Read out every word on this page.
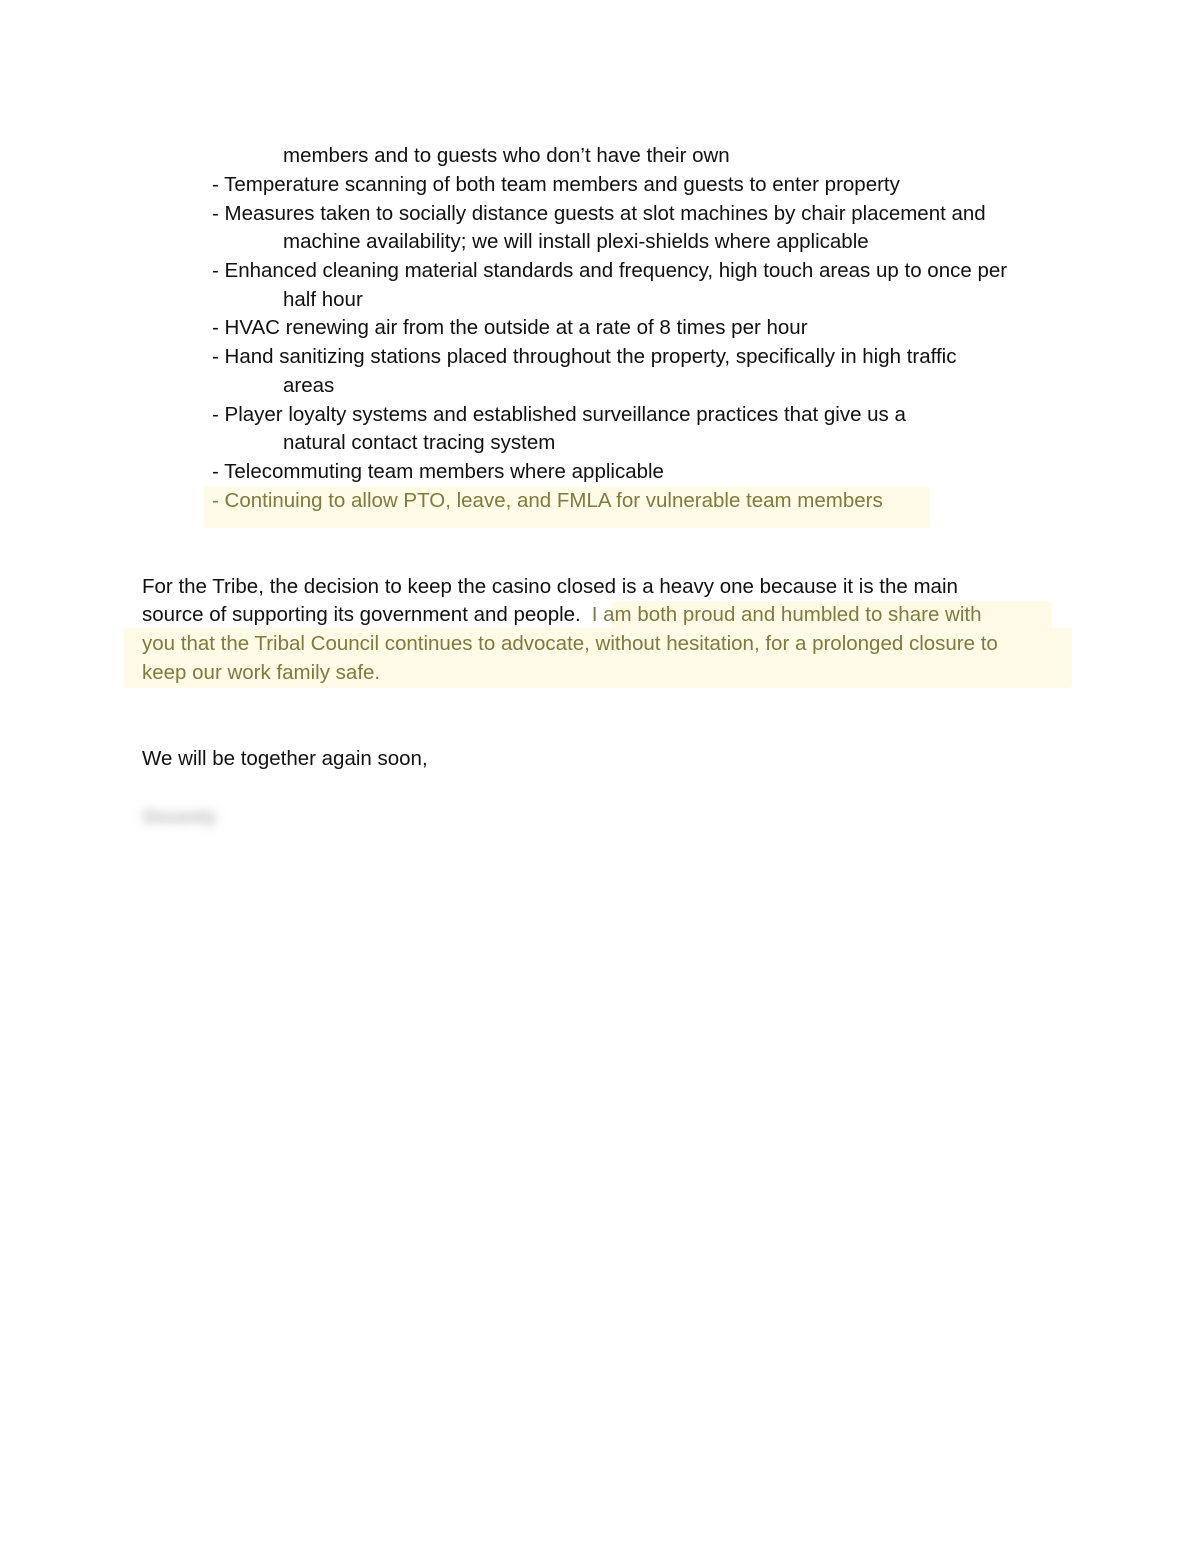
members and to guests who don’t have their own
- Temperature scanning of both team members and guests to enter property
- Measures taken to socially distance guests at slot machines by chair placement and
machine availability; we will install plexi-shields where applicable
- Enhanced cleaning material standards and frequency, high touch areas up to once per
half hour
- HVAC renewing air from the outside at a rate of 8 times per hour
- Hand sanitizing stations placed throughout the property, specifically in high traffic
areas
- Player loyalty systems and established surveillance practices that give us a
natural contact tracing system
- Telecommuting team members where applicable
- Continuing to allow PTO, leave, and FMLA for vulnerable team members
For the Tribe, the decision to keep the casino closed is a heavy one because it is the main
source of supporting its government and people. I am both proud and humbled to share with
you that the Tribal Council continues to advocate, without hesitation, for a prolonged closure to
keep our work family safe.
We will be together again soon,
Sincerely
